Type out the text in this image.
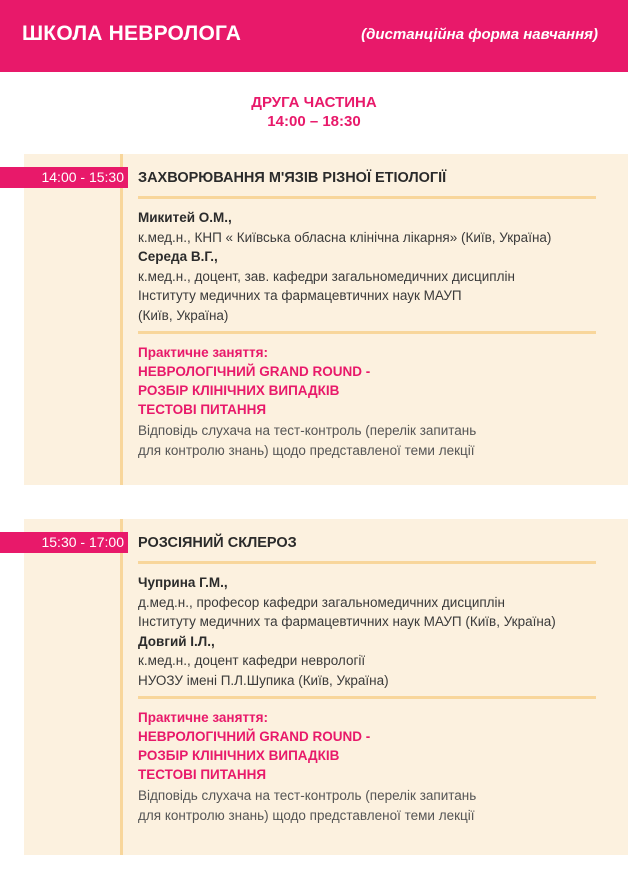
ШКОЛА НЕВРОЛОГА	(дистанційна форма навчання)
ДРУГА ЧАСТИНА
14:00 – 18:30
14:00 - 15:30 ЗАХВОРЮВАННЯ М'ЯЗІВ РІЗНОЇ ЕТІОЛОГІЇ
Микитей О.М.,
к.мед.н., КНП « Київська обласна клінічна лікарня» (Київ, Україна)
Середа В.Г.,
к.мед.н., доцент, зав. кафедри загальномедичних дисциплін
Інституту медичних та фармацевтичних наук МАУП
(Київ, Україна)
Практичне заняття:
НЕВРОЛОГІЧНИЙ GRAND ROUND -
РОЗБІР КЛІНІЧНИХ ВИПАДКІВ
ТЕСТОВІ ПИТАННЯ
Відповідь слухача на тест-контроль (перелік запитань
для контролю знань) щодо представленої теми лекції
15:30 - 17:00 РОЗСІЯНИЙ СКЛЕРОЗ
Чуприна Г.М.,
д.мед.н., професор кафедри загальномедичних дисциплін
Інституту медичних та фармацевтичних наук МАУП (Київ, Україна)
Довгий І.Л.,
к.мед.н., доцент кафедри неврології
НУОЗУ імені П.Л.Шупика (Київ, Україна)
Практичне заняття:
НЕВРОЛОГІЧНИЙ GRAND ROUND -
РОЗБІР КЛІНІЧНИХ ВИПАДКІВ
ТЕСТОВІ ПИТАННЯ
Відповідь слухача на тест-контроль (перелік запитань
для контролю знань) щодо представленої теми лекції
